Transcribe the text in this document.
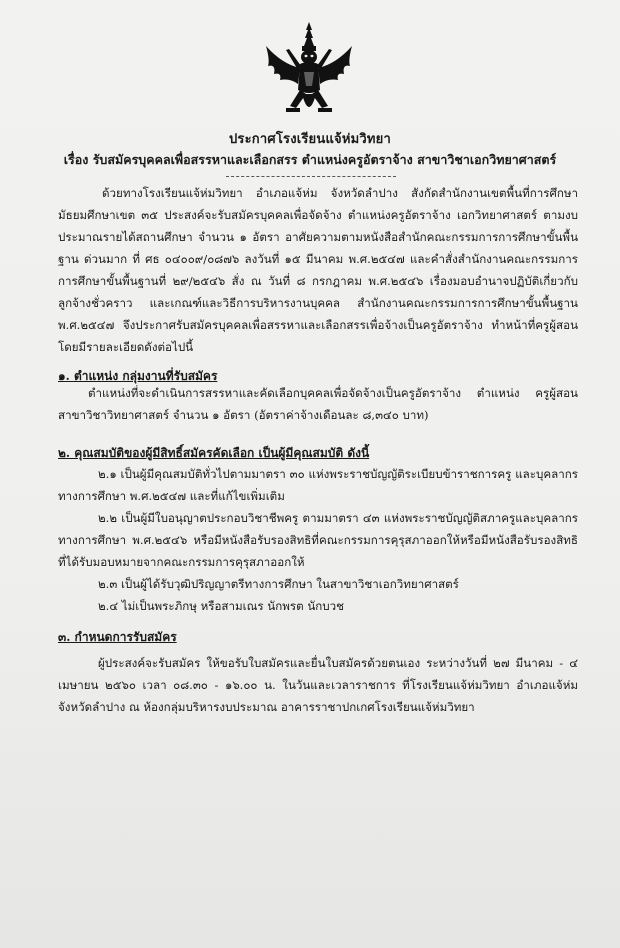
ประกาศโรงเรียนแจ้ห่มวิทยา
เรื่อง รับสมัครบุคคลเพื่อสรรหาและเลือกสรร ตำแหน่งครูอัตราจ้าง สาขาวิชาเอกวิทยาศาสตร์
ด้วยทางโรงเรียนแจ้ห่มวิทยา อำเภอแจ้ห่ม จังหวัดลำปาง สังกัดสำนักงานเขตพื้นที่การศึกษามัธยมศึกษาเขต ๓๕ ประสงค์จะรับสมัครบุคคลเพื่อจัดจ้าง ตำแหน่งครูอัตราจ้าง เอกวิทยาศาสตร์ ตามงบประมาณรายได้สถานศึกษา จำนวน ๑ อัตรา อาศัยความตามหนังสือสำนักคณะกรรมการการศึกษาขั้นพื้นฐาน ด่วนมาก ที่ ศธ ๐๔๐๐๙/๐๘๗๖ ลงวันที่ ๑๕ มีนาคม พ.ศ.๒๕๔๗ และคำสั่งสำนักงานคณะกรรมการการศึกษาขั้นพื้นฐานที่ ๒๙/๒๕๔๖ สั่ง ณ วันที่ ๘ กรกฎาคม พ.ศ.๒๕๔๖ เรื่องมอบอำนาจปฏิบัติเกี่ยวกับลูกจ้างชั่วคราว และเกณฑ์และวิธีการบริหารงานบุคคล สำนักงานคณะกรรมการการศึกษาขั้นพื้นฐาน พ.ศ.๒๕๔๗ จึงประกาศรับสมัครบุคคลเพื่อสรรหาและเลือกสรรเพื่อจ้างเป็นครูอัตราจ้าง ทำหน้าที่ครูผู้สอน โดยมีรายละเอียดดังต่อไปนี้
๑. ตำแหน่ง กลุ่มงานที่รับสมัคร
ตำแหน่งที่จะดำเนินการสรรหาและคัดเลือกบุคคลเพื่อจัดจ้างเป็นครูอัตราจ้าง ตำแหน่ง ครูผู้สอน สาขาวิชาวิทยาศาสตร์ จำนวน ๑ อัตรา (อัตราค่าจ้างเดือนละ ๘,๓๔๐ บาท)
๒. คุณสมบัติของผู้มีสิทธิ์สมัครคัดเลือก เป็นผู้มีคุณสมบัติ ดังนี้
๒.๑ เป็นผู้มีคุณสมบัติทั่วไปตามมาตรา ๓๐ แห่งพระราชบัญญัติระเบียบข้าราชการครู และบุคลากรทางการศึกษา พ.ศ.๒๕๔๗ และที่แก้ไขเพิ่มเติม
๒.๒ เป็นผู้มีใบอนุญาตประกอบวิชาชีพครู ตามมาตรา ๔๓ แห่งพระราชบัญญัติสภาครูและบุคลากรทางการศึกษา พ.ศ.๒๕๔๖ หรือมีหนังสือรับรองสิทธิที่คณะกรรมการคุรุสภาออกให้หรือมีหนังสือรับรองสิทธิที่ได้รับมอบหมายจากคณะกรรมการคุรุสภาออกให้
๒.๓ เป็นผู้ได้รับวุฒิปริญญาตรีทางการศึกษา ในสาขาวิชาเอกวิทยาศาสตร์
๒.๔ ไม่เป็นพระภิกษุ หรือสามเณร นักพรต นักบวช
๓. กำหนดการรับสมัคร
ผู้ประสงค์จะรับสมัคร ให้ขอรับใบสมัครและยื่นใบสมัครด้วยตนเอง ระหว่างวันที่ ๒๗ มีนาคม - ๔ เมษายน ๒๕๖๐ เวลา ๐๘.๓๐ - ๑๖.๐๐ น. ในวันและเวลาราชการ ที่โรงเรียนแจ้ห่มวิทยา อำเภอแจ้ห่ม จังหวัดลำปาง ณ ห้องกลุ่มบริหารงบประมาณ อาคารราชาปกเกศโรงเรียนแจ้ห่มวิทยา
